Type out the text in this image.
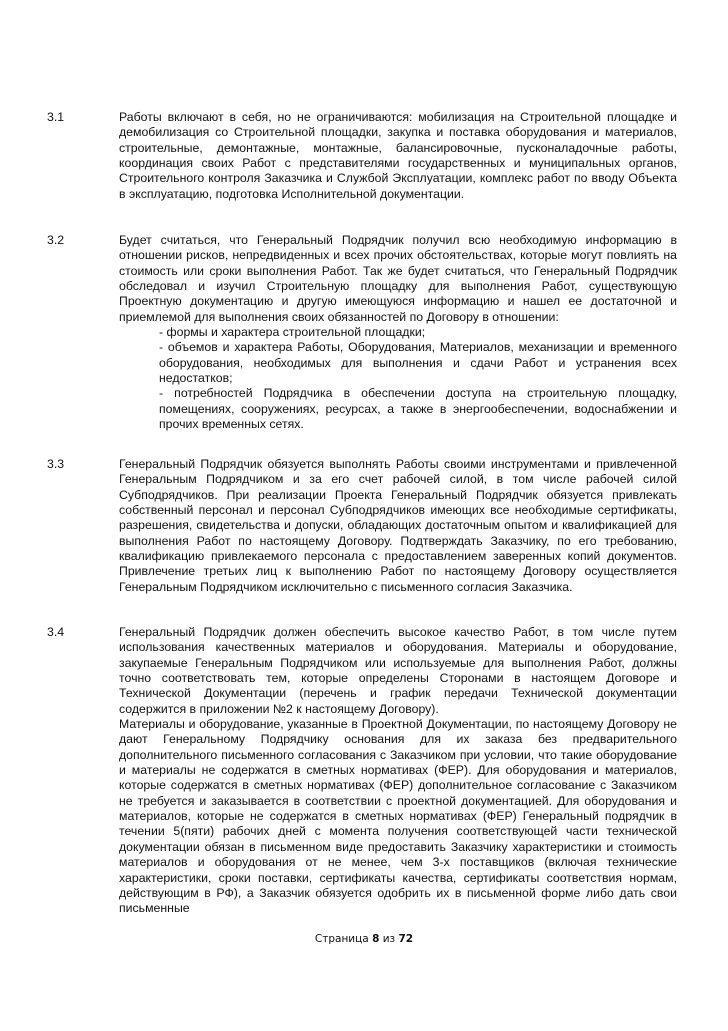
3.1	Работы включают в себя, но не ограничиваются: мобилизация на Строительной площадке и демобилизация со Строительной площадки, закупка и поставка оборудования и материалов, строительные, демонтажные, монтажные, балансировочные, пусконаладочные работы, координация своих Работ с представителями государственных и муниципальных органов, Строительного контроля Заказчика и Службой Эксплуатации, комплекс работ по вводу Объекта в эксплуатацию, подготовка Исполнительной документации.

3.2	Будет считаться, что Генеральный Подрядчик получил всю необходимую информацию в отношении рисков, непредвиденных и всех прочих обстоятельствах, которые могут повлиять на стоимость или сроки выполнения Работ. Так же будет считаться, что Генеральный Подрядчик обследовал и изучил Строительную площадку для выполнения Работ, существующую Проектную документацию и другую имеющуюся информацию и нашел ее достаточной и приемлемой для выполнения своих обязанностей по Договору в отношении:

- формы и характера строительной площадки;

- объемов и характера Работы, Оборудования, Материалов, механизации и временного оборудования, необходимых для выполнения и сдачи Работ и устранения всех недостатков;

- потребностей Подрядчика в обеспечении доступа на строительную площадку, помещениях, сооружениях, ресурсах, а также в энергообеспечении, водоснабжении и прочих временных сетях.

3.3	Генеральный Подрядчик обязуется выполнять Работы своими инструментами и привлеченной Генеральным Подрядчиком и за его счет рабочей силой, в том числе рабочей силой Субподрядчиков. При реализации Проекта Генеральный Подрядчик обязуется привлекать собственный персонал и персонал Субподрядчиков имеющих все необходимые сертификаты, разрешения, свидетельства и допуски, обладающих достаточным опытом и квалификацией для выполнения Работ по настоящему Договору. Подтверждать Заказчику, по его требованию, квалификацию привлекаемого персонала с предоставлением заверенных копий документов. Привлечение третьих лиц к выполнению Работ по настоящему Договору осуществляется Генеральным Подрядчиком исключительно с письменного согласия Заказчика.

3.4	Генеральный Подрядчик должен обеспечить высокое качество Работ, в том числе путем использования качественных материалов и оборудования. Материалы и оборудование, закупаемые Генеральным Подрядчиком или используемые для выполнения Работ, должны точно соответствовать тем, которые определены Сторонами в настоящем Договоре и Технической Документации (перечень и график передачи Технической документации содержится в приложении №2 к настоящему Договору).

Материалы и оборудование, указанные в Проектной Документации, по настоящему Договору не дают Генеральному Подрядчику основания для их заказа без предварительного дополнительного письменного согласования с Заказчиком при условии, что такие оборудование и материалы не содержатся в сметных нормативах (ФЕР). Для оборудования и материалов, которые содержатся в сметных нормативах (ФЕР) дополнительное согласование с Заказчиком не требуется и заказывается в соответствии с проектной документацией. Для оборудования и материалов, которые не содержатся в сметных нормативах (ФЕР) Генеральный подрядчик в течении 5(пяти) рабочих дней с момента получения соответствующей части технической документации обязан в письменном виде предоставить Заказчику характеристики и стоимость материалов и оборудования от не менее, чем 3-х поставщиков (включая технические характеристики, сроки поставки, сертификаты качества, сертификаты соответствия нормам, действующим в РФ), а Заказчик обязуется одобрить их в письменной форме либо дать свои письменные

Страница 8 из 72
